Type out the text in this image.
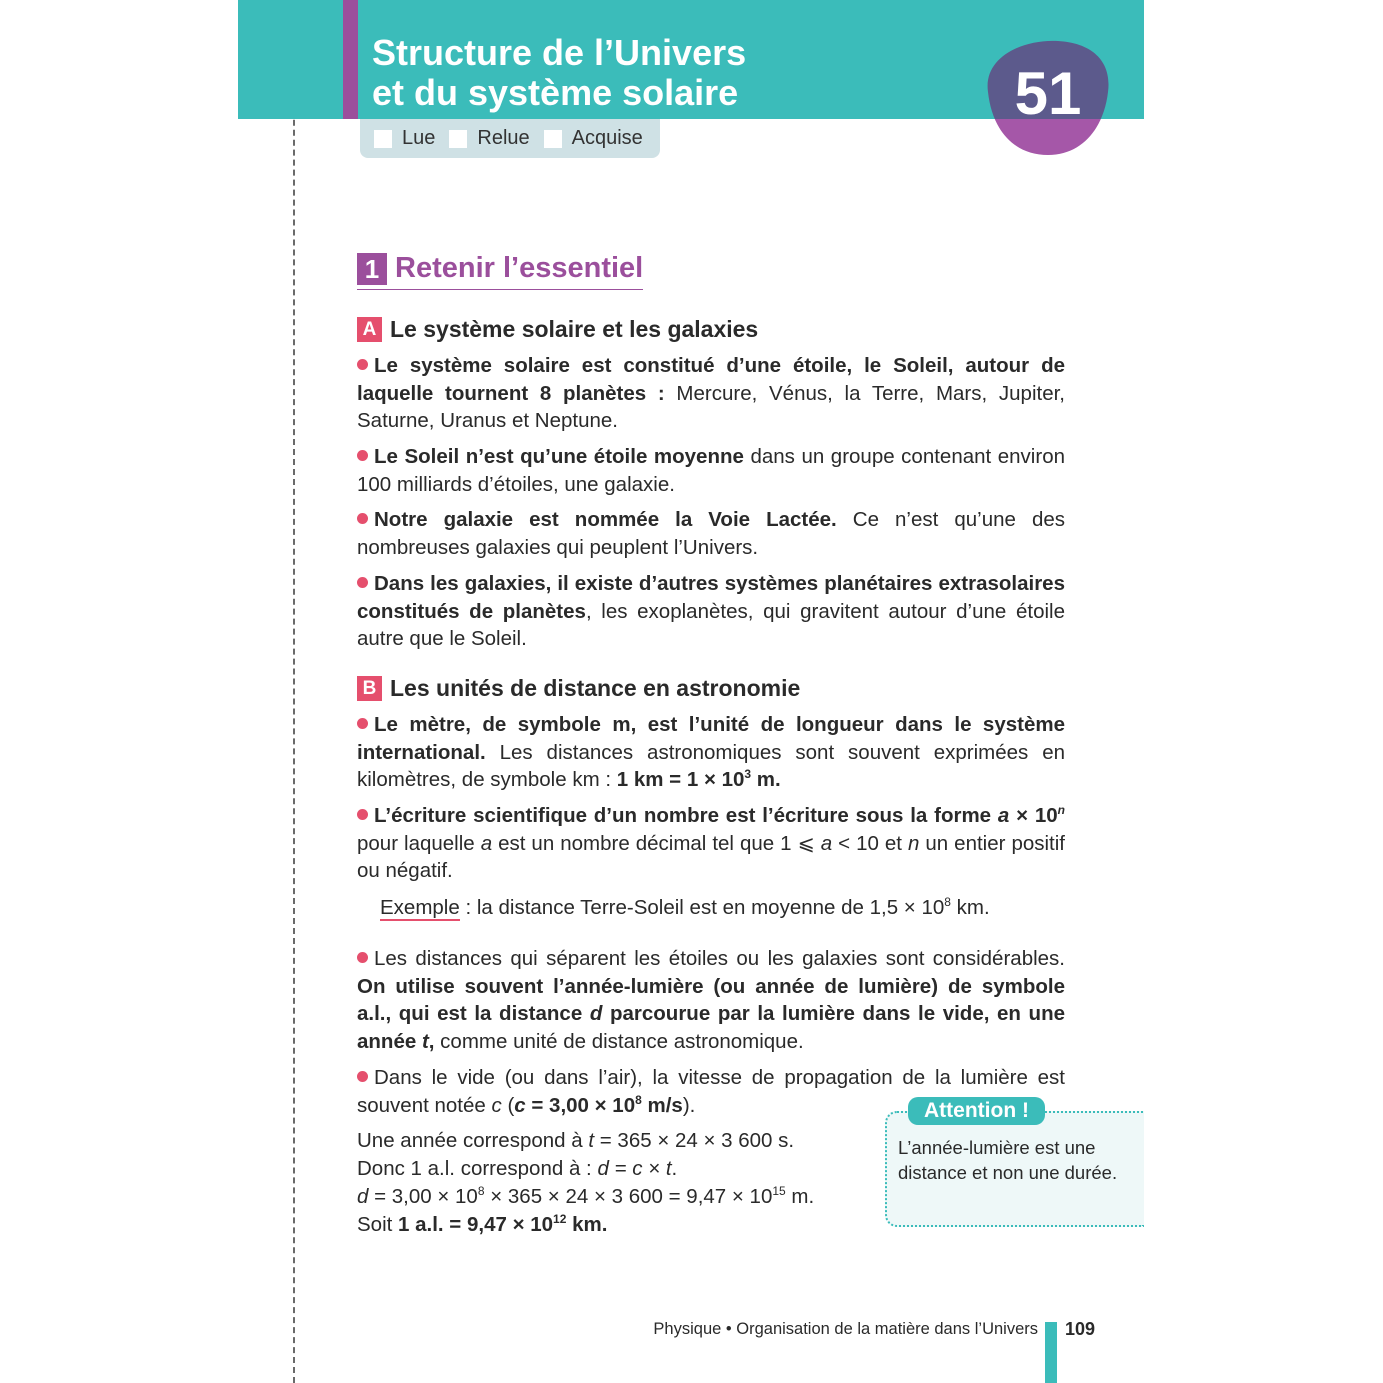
Structure de l’Univers
et du système solaire	51
Lue Relue Acquise
1 Retenir l’essentiel
A Le système solaire et les galaxies

Le système solaire est constitué d’une étoile, le Soleil, autour de laquelle tournent 8 planètes : Mercure, Vénus, la Terre, Mars, Jupiter, Saturne, Uranus et Neptune.

Le Soleil n’est qu’une étoile moyenne dans un groupe contenant environ 100 milliards d’étoiles, une galaxie.

Notre galaxie est nommée la Voie Lactée. Ce n’est qu’une des nombreuses galaxies qui peuplent l’Univers.

Dans les galaxies, il existe d’autres systèmes planétaires extrasolaires constitués de planètes, les exoplanètes, qui gravitent autour d’une étoile autre que le Soleil.

B Les unités de distance en astronomie

Le mètre, de symbole m, est l’unité de longueur dans le système international. Les distances astronomiques sont souvent exprimées en kilomètres, de symbole km : 1 km = $1 \times 10^3$ m.

L’écriture scientifique d’un nombre est l’écriture sous la forme $a \times 10^n$ pour laquelle a est un nombre décimal tel que 1 ⩽ a < 10 et n un entier positif ou négatif.

Exemple : la distance Terre-Soleil est en moyenne de $1,5 \times 10^8$ km.

Les distances qui séparent les étoiles ou les galaxies sont considérables. On utilise souvent l’année-lumière (ou année de lumière) de symbole a.l., qui est la distance d parcourue par la lumière dans le vide, en une année t, comme unité de distance astronomique.

Dans le vide (ou dans l’air), la vitesse de propagation de la lumière est souvent notée c ($c = 3,00 \times 10^8$ m/s).

Une année correspond à t = 365 × 24 × 3 600 s.
Donc 1 a.l. correspond à : d = c × t.
$d = 3,00 \times 10^8 \times 365 \times 24 \times 3$ $600 = 9,47 \times 10^{15}$ m.
Soit 1 a.l. = $9,47 \times 10^{12}$ km.
Attention !
L’année-lumière est une distance et non une durée.
Physique • Organisation de la matière dans l’Univers 109
